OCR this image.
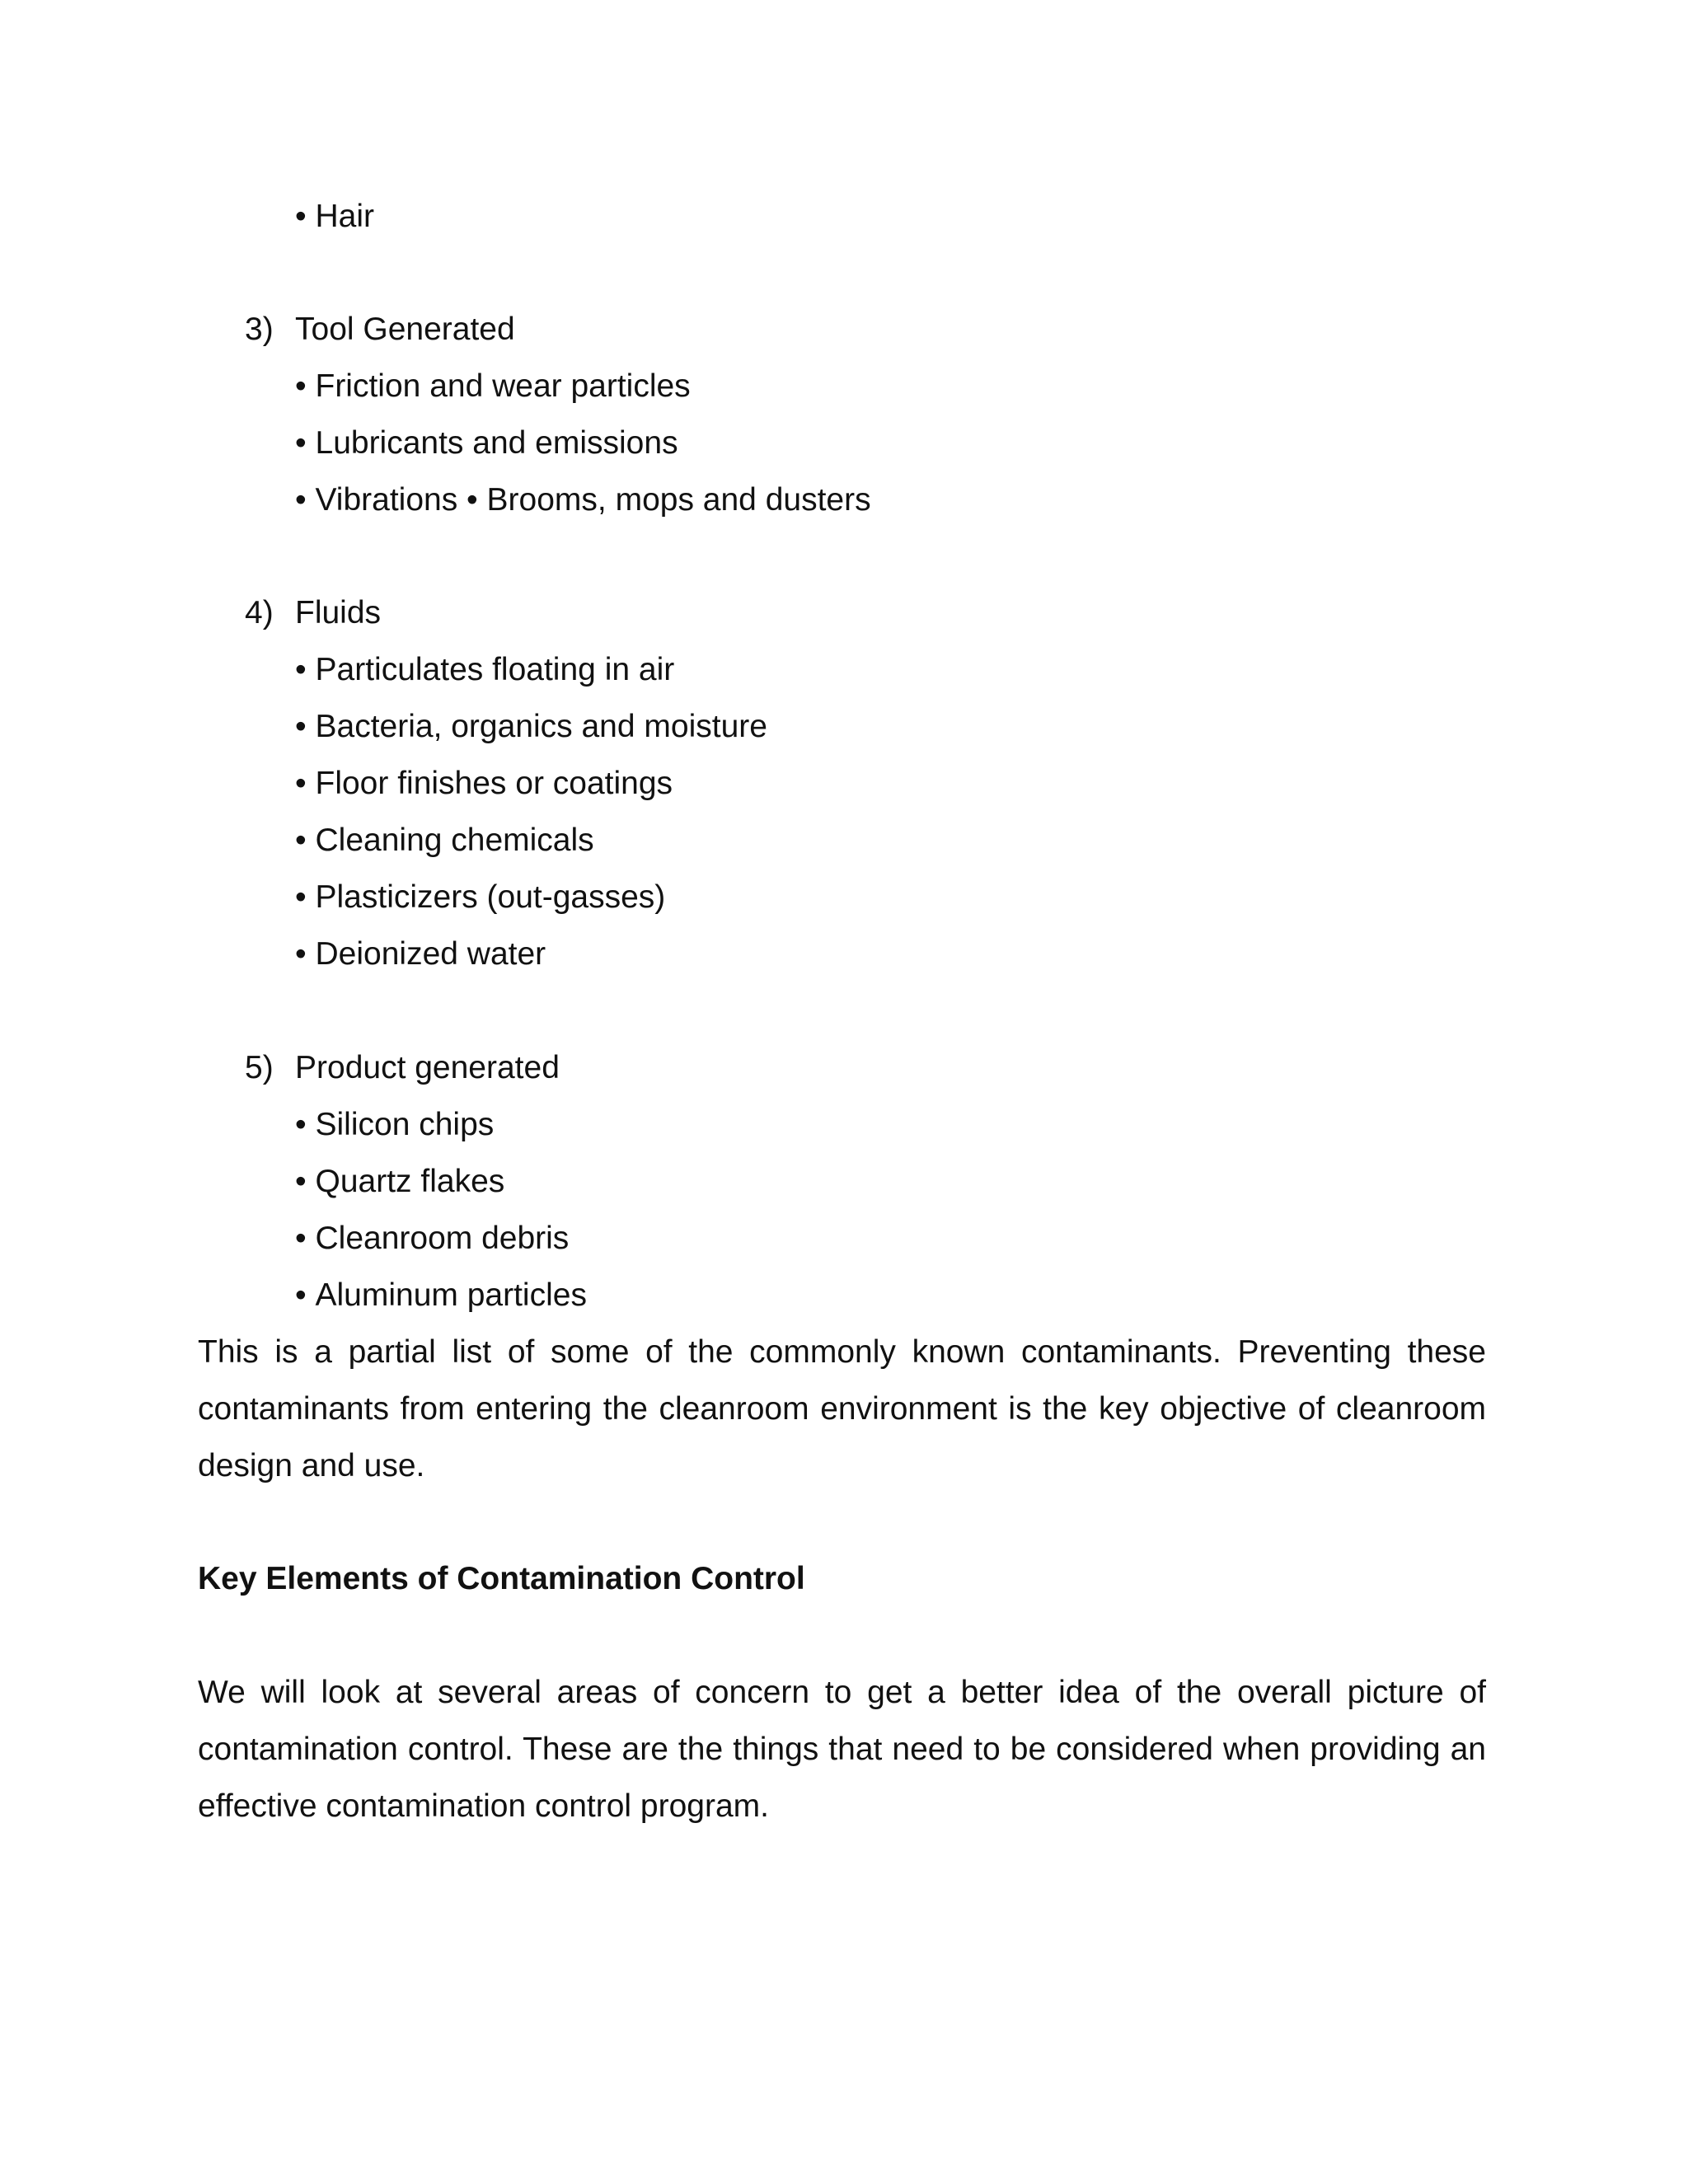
• Hair
3) Tool Generated
• Friction and wear particles
• Lubricants and emissions
• Vibrations • Brooms, mops and dusters
4) Fluids
• Particulates floating in air
• Bacteria, organics and moisture
• Floor finishes or coatings
• Cleaning chemicals
• Plasticizers (out-gasses)
• Deionized water
5) Product generated
• Silicon chips
• Quartz flakes
• Cleanroom debris
• Aluminum particles

This is a partial list of some of the commonly known contaminants. Preventing these contaminants from entering the cleanroom environment is the key objective of cleanroom design and use.

Key Elements of Contamination Control

We will look at several areas of concern to get a better idea of the overall picture of contamination control. These are the things that need to be considered when providing an effective contamination control program.
